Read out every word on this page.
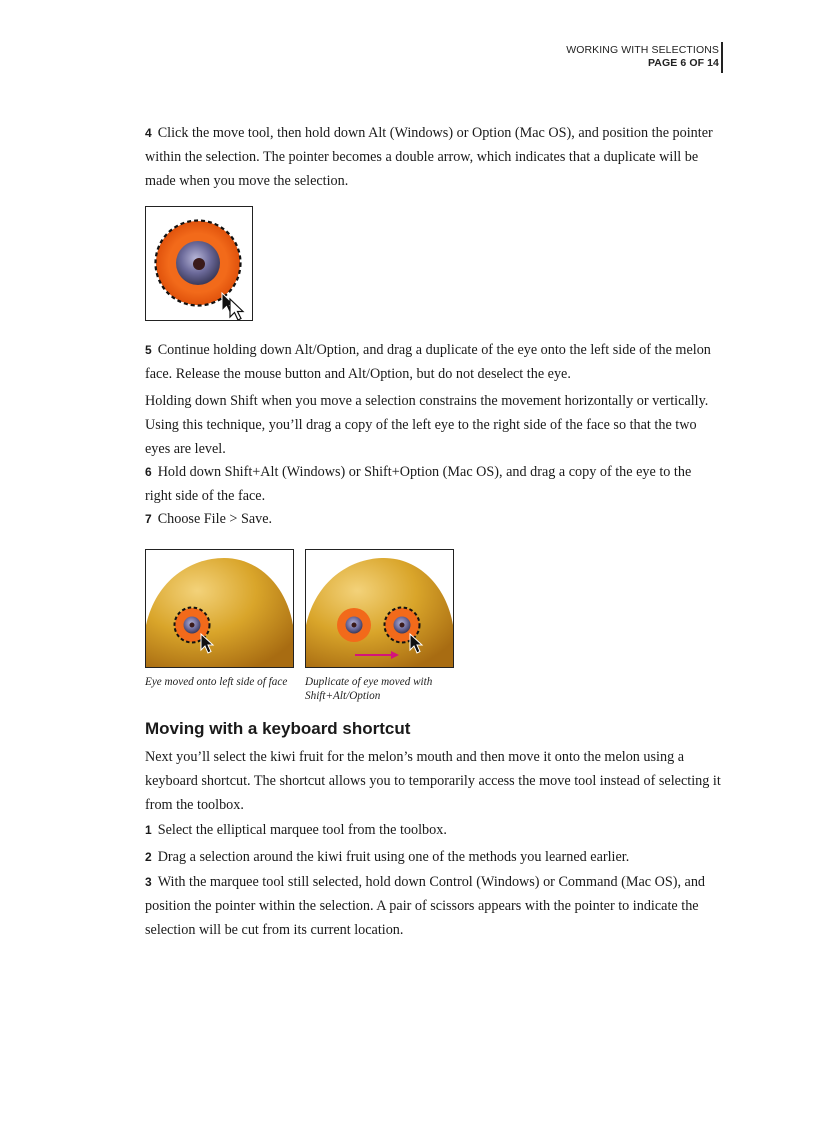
WORKING WITH SELECTIONS
PAGE 6 OF 14

4 Click the move tool, then hold down Alt (Windows) or Option (Mac OS), and position the pointer within the selection. The pointer becomes a double arrow, which indicates that a duplicate will be made when you move the selection.

5 Continue holding down Alt/Option, and drag a duplicate of the eye onto the left side of the melon face. Release the mouse button and Alt/Option, but do not deselect the eye.

Holding down Shift when you move a selection constrains the movement horizontally or vertically. Using this technique, you’ll drag a copy of the left eye to the right side of the face so that the two eyes are level.

6 Hold down Shift+Alt (Windows) or Shift+Option (Mac OS), and drag a copy of the eye to the right side of the face.

7 Choose File > Save.

Eye moved onto left side of face Duplicate of eye moved with
Shift+Alt/Option
Moving with a keyboard shortcut

Next you’ll select the kiwi fruit for the melon’s mouth and then move it onto the melon using a keyboard shortcut. The shortcut allows you to temporarily access the move tool instead of selecting it from the toolbox.

1 Select the elliptical marquee tool from the toolbox.

2 Drag a selection around the kiwi fruit using one of the methods you learned earlier.

3 With the marquee tool still selected, hold down Control (Windows) or Command (Mac OS), and position the pointer within the selection. A pair of scissors appears with the pointer to indicate the selection will be cut from its current location.
